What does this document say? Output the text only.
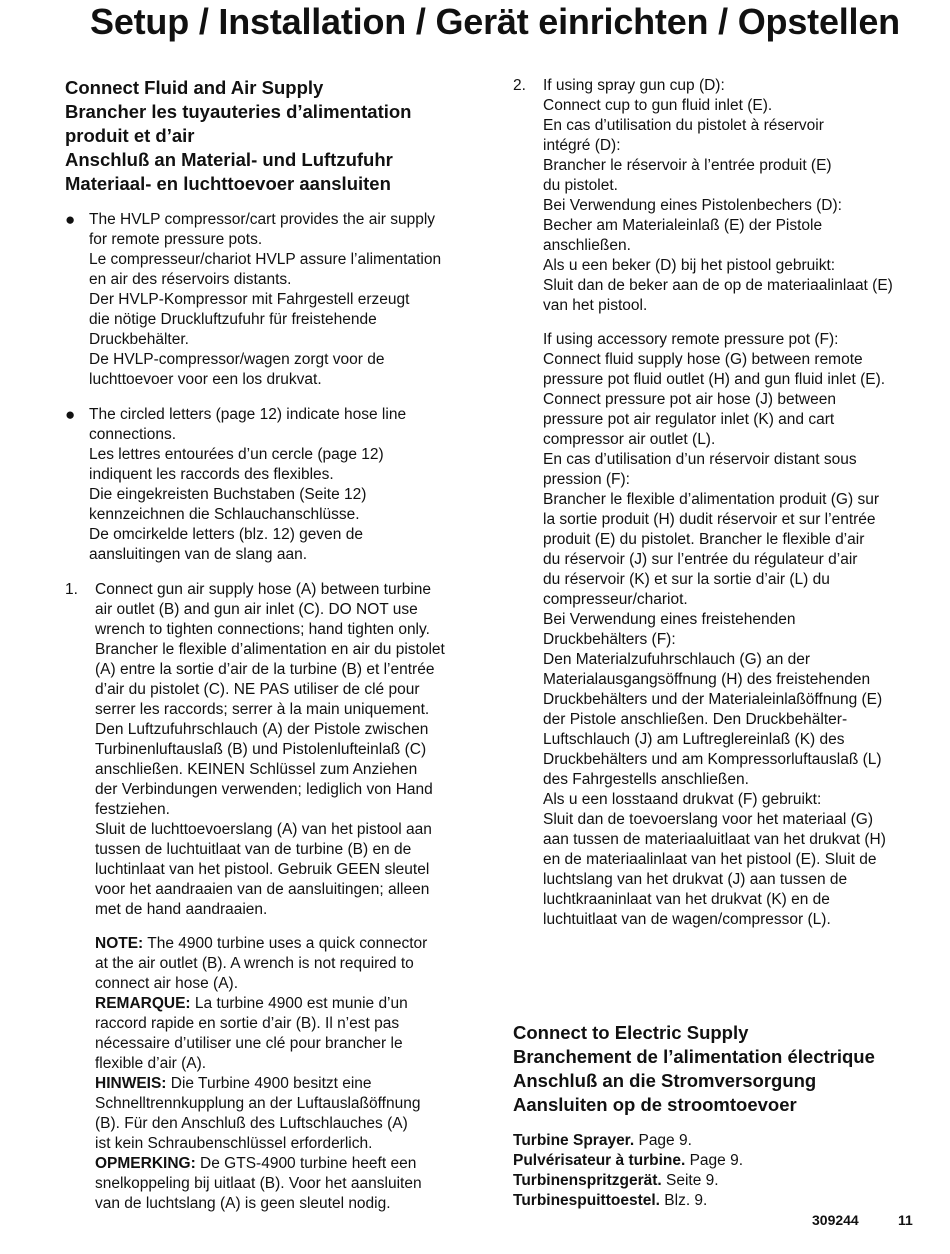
Setup / Installation / Gerät einrichten / Opstellen
Connect Fluid and Air Supply
Brancher les tuyauteries d’alimentation
produit et d’air
Anschluß an Material- und Luftzufuhr
Materiaal- en luchttoevoer aansluiten
● The HVLP compressor/cart provides the air supply
for remote pressure pots.
Le compresseur/chariot HVLP assure l’alimentation
en air des réservoirs distants.
Der HVLP-Kompressor mit Fahrgestell erzeugt
die nötige Druckluftzufuhr für freistehende
Druckbehälter.
De HVLP-compressor/wagen zorgt voor de
luchttoevoer voor een los drukvat.
● The circled letters (page 12) indicate hose line
connections.
Les lettres entourées d’un cercle (page 12)
indiquent les raccords des flexibles.
Die eingekreisten Buchstaben (Seite 12)
kennzeichnen die Schlauchanschlüsse.
De omcirkelde letters (blz. 12) geven de
aansluitingen van de slang aan.
1. Connect gun air supply hose (A) between turbine
air outlet (B) and gun air inlet (C). DO NOT use
wrench to tighten connections; hand tighten only.
Brancher le flexible d’alimentation en air du pistolet
(A) entre la sortie d’air de la turbine (B) et l’entrée
d’air du pistolet (C). NE PAS utiliser de clé pour
serrer les raccords; serrer à la main uniquement.
Den Luftzufuhrschlauch (A) der Pistole zwischen
Turbinenluftauslaß (B) und Pistolenlufteinlaß (C)
anschließen. KEINEN Schlüssel zum Anziehen
der Verbindungen verwenden; lediglich von Hand
festziehen.
Sluit de luchttoevoerslang (A) van het pistool aan
tussen de luchtuitlaat van de turbine (B) en de
luchtinlaat van het pistool. Gebruik GEEN sleutel
voor het aandraaien van de aansluitingen; alleen
met de hand aandraaien.
NOTE: The 4900 turbine uses a quick connector
at the air outlet (B). A wrench is not required to
connect air hose (A).
REMARQUE: La turbine 4900 est munie d’un
raccord rapide en sortie d’air (B). Il n’est pas
nécessaire d’utiliser une clé pour brancher le
flexible d’air (A).
HINWEIS: Die Turbine 4900 besitzt eine
Schnelltrennkupplung an der Luftauslaßöffnung
(B). Für den Anschluß des Luftschlauches (A)
ist kein Schraubenschlüssel erforderlich.
OPMERKING: De GTS-4900 turbine heeft een
snelkoppeling bij uitlaat (B). Voor het aansluiten
van de luchtslang (A) is geen sleutel nodig.
2. If using spray gun cup (D):
Connect cup to gun fluid inlet (E).
En cas d’utilisation du pistolet à réservoir
intégré (D):
Brancher le réservoir à l’entrée produit (E)
du pistolet.
Bei Verwendung eines Pistolenbechers (D):
Becher am Materialeinlaß (E) der Pistole
anschließen.
Als u een beker (D) bij het pistool gebruikt:
Sluit dan de beker aan de op de materiaalinlaat (E)
van het pistool.
If using accessory remote pressure pot (F):
Connect fluid supply hose (G) between remote
pressure pot fluid outlet (H) and gun fluid inlet (E).
Connect pressure pot air hose (J) between
pressure pot air regulator inlet (K) and cart
compressor air outlet (L).
En cas d’utilisation d’un réservoir distant sous
pression (F):
Brancher le flexible d’alimentation produit (G) sur
la sortie produit (H) dudit réservoir et sur l’entrée
produit (E) du pistolet. Brancher le flexible d’air
du réservoir (J) sur l’entrée du régulateur d’air
du réservoir (K) et sur la sortie d’air (L) du
compresseur/chariot.
Bei Verwendung eines freistehenden
Druckbehälters (F):
Den Materialzufuhrschlauch (G) an der
Materialausgangsöffnung (H) des freistehenden
Druckbehälters und der Materialeinlaßöffnung (E)
der Pistole anschließen. Den Druckbehälter-
Luftschlauch (J) am Luftreglereinlaß (K) des
Druckbehälters und am Kompressorluftauslaß (L)
des Fahrgestells anschließen.
Als u een losstaand drukvat (F) gebruikt:
Sluit dan de toevoerslang voor het materiaal (G)
aan tussen de materiaaluitlaat van het drukvat (H)
en de materiaalinlaat van het pistool (E). Sluit de
luchtslang van het drukvat (J) aan tussen de
luchtkraaninlaat van het drukvat (K) en de
luchtuitlaat van de wagen/compressor (L).
Connect to Electric Supply
Branchement de l’alimentation électrique
Anschluß an die Stromversorgung
Aansluiten op de stroomtoevoer
Turbine Sprayer. Page 9.
Pulvérisateur à turbine. Page 9.
Turbinenspritzgerät. Seite 9.
Turbinespuittoestel. Blz. 9.
309244	11
